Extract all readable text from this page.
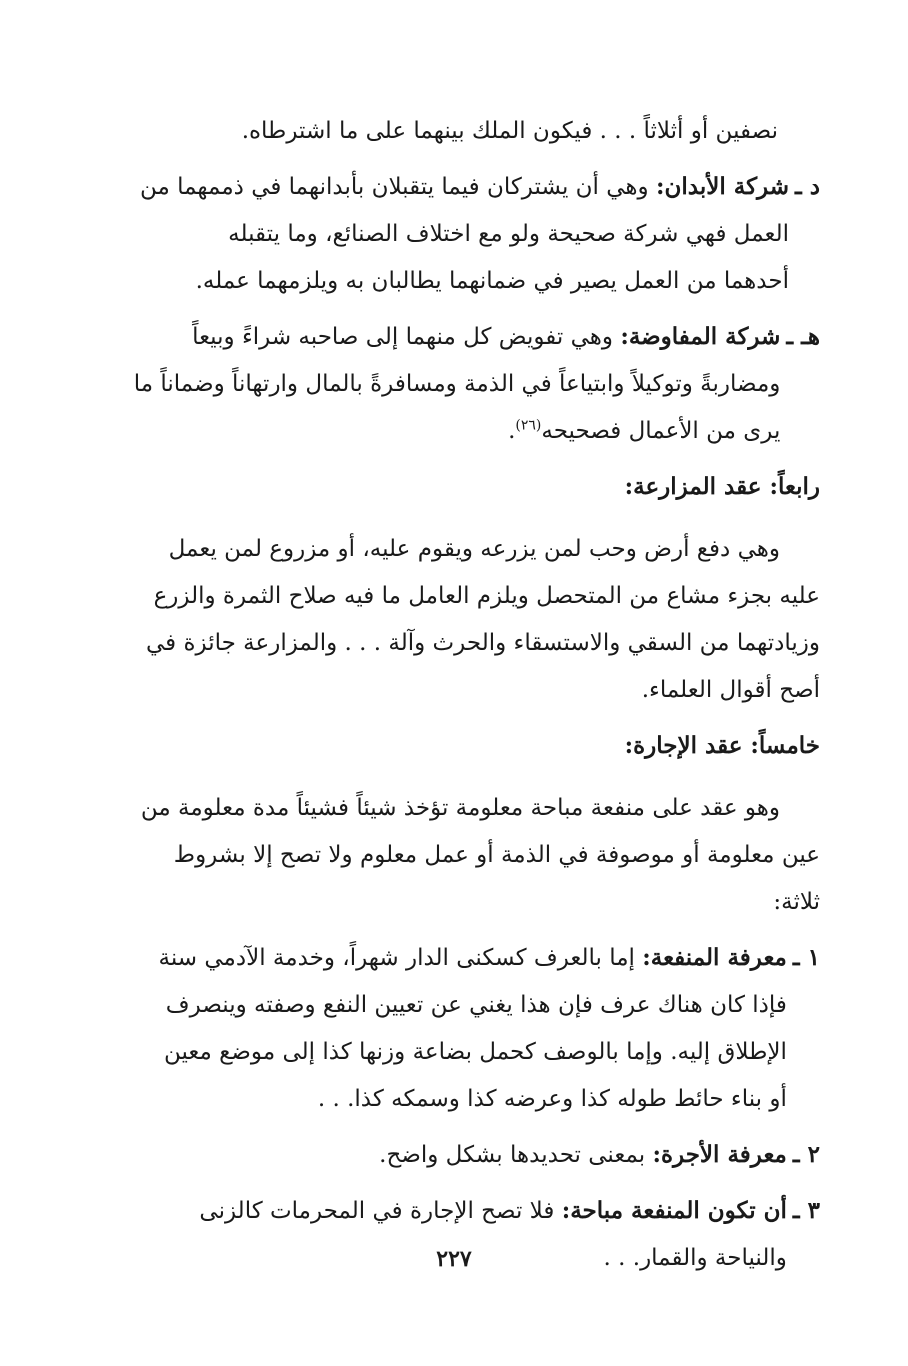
نصفين أو أثلاثاً . . . فيكون الملك بينهما على ما اشترطاه.
د ـ
شركة الأبدان: وهي أن يشتركان فيما يتقبلان بأبدانهما في ذممهما من
العمل فهي شركة صحيحة ولو مع اختلاف الصنائع، وما يتقبله
أحدهما من العمل يصير في ضمانهما يطالبان به ويلزمهما عمله.
هـ ـ
شركة المفاوضة: وهي تفويض كل منهما إلى صاحبه شراءً وبيعاً
ومضاربةً وتوكيلاً وابتياعاً في الذمة ومسافرةً بالمال وارتهاناً وضماناً ما
يرى من الأعمال فصحيحه$^{(٢٦)}$.
رابعاً: عقد المزارعة:
وهي دفع أرض وحب لمن يزرعه ويقوم عليه، أو مزروع لمن يعمل
عليه بجزء مشاع من المتحصل ويلزم العامل ما فيه صلاح الثمرة والزرع
وزيادتهما من السقي والاستسقاء والحرث وآلة . . . والمزارعة جائزة في
أصح أقوال العلماء.
خامساً: عقد الإجارة:
وهو عقد على منفعة مباحة معلومة تؤخذ شيئاً فشيئاً مدة معلومة من
عين معلومة أو موصوفة في الذمة أو عمل معلوم ولا تصح إلا بشروط
ثلاثة:
١ ـ
معرفة المنفعة: إما بالعرف كسكنى الدار شهراً، وخدمة الآدمي سنة
فإذا كان هناك عرف فإن هذا يغني عن تعيين النفع وصفته وينصرف
الإطلاق إليه. وإما بالوصف كحمل بضاعة وزنها كذا إلى موضع معين
أو بناء حائط طوله كذا وعرضه كذا وسمكه كذا. . .
٢ ـ
معرفة الأجرة: بمعنى تحديدها بشكل واضح.
٣ ـ
أن تكون المنفعة مباحة: فلا تصح الإجارة في المحرمات كالزنى
والنياحة والقمار. . .
٢٢٧
